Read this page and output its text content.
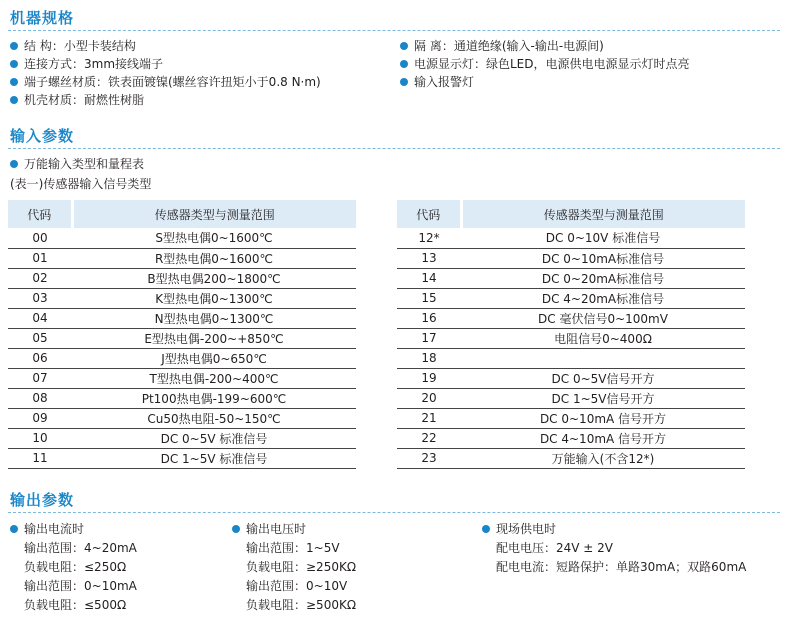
机器规格
结 构：小型卡装结构
连接方式：3mm接线端子
端子螺丝材质：铁表面镀镍(螺丝容许扭矩小于0.8 N·m)
机壳材质：耐燃性树脂
隔 离：通道绝缘(输入-输出-电源间)
电源显示灯：绿色LED，电源供电电源显示灯时点亮
输入报警灯
输入参数
万能输入类型和量程表
(表一)传感器输入信号类型
代码	传感器类型与测量范围
00	S型热电偶0~1600℃
01	R型热电偶0~1600℃
02	B型热电偶200~1800℃
03	K型热电偶0~1300℃
04	N型热电偶0~1300℃
05	E型热电偶-200~+850℃
06	J型热电偶0~650℃
07	T型热电偶-200~400℃
08	Pt100热电偶-199~600℃
09	Cu50热电阻-50~150℃
10	DC 0~5V 标准信号
11	DC 1~5V 标准信号
代码	传感器类型与测量范围
12*	DC 0~10V 标准信号
13	DC 0~10mA标准信号
14	DC 0~20mA标准信号
15	DC 4~20mA标准信号
16	DC 毫伏信号0~100mV
17	电阻信号0~400Ω
18	
19	DC 0~5V信号开方
20	DC 1~5V信号开方
21	DC 0~10mA 信号开方
22	DC 4~10mA 信号开方
23	万能输入(不含12*)
输出参数
输出电流时
输出范围：4~20mA
负载电阻：≤250Ω
输出范围：0~10mA
负载电阻：≤500Ω
输出电压时
输出范围：1~5V
负载电阻：≥250KΩ
输出范围：0~10V
负载电阻：≥500KΩ
现场供电时
配电电压：24V ± 2V
配电电流：短路保护：单路30mA；双路60mA
